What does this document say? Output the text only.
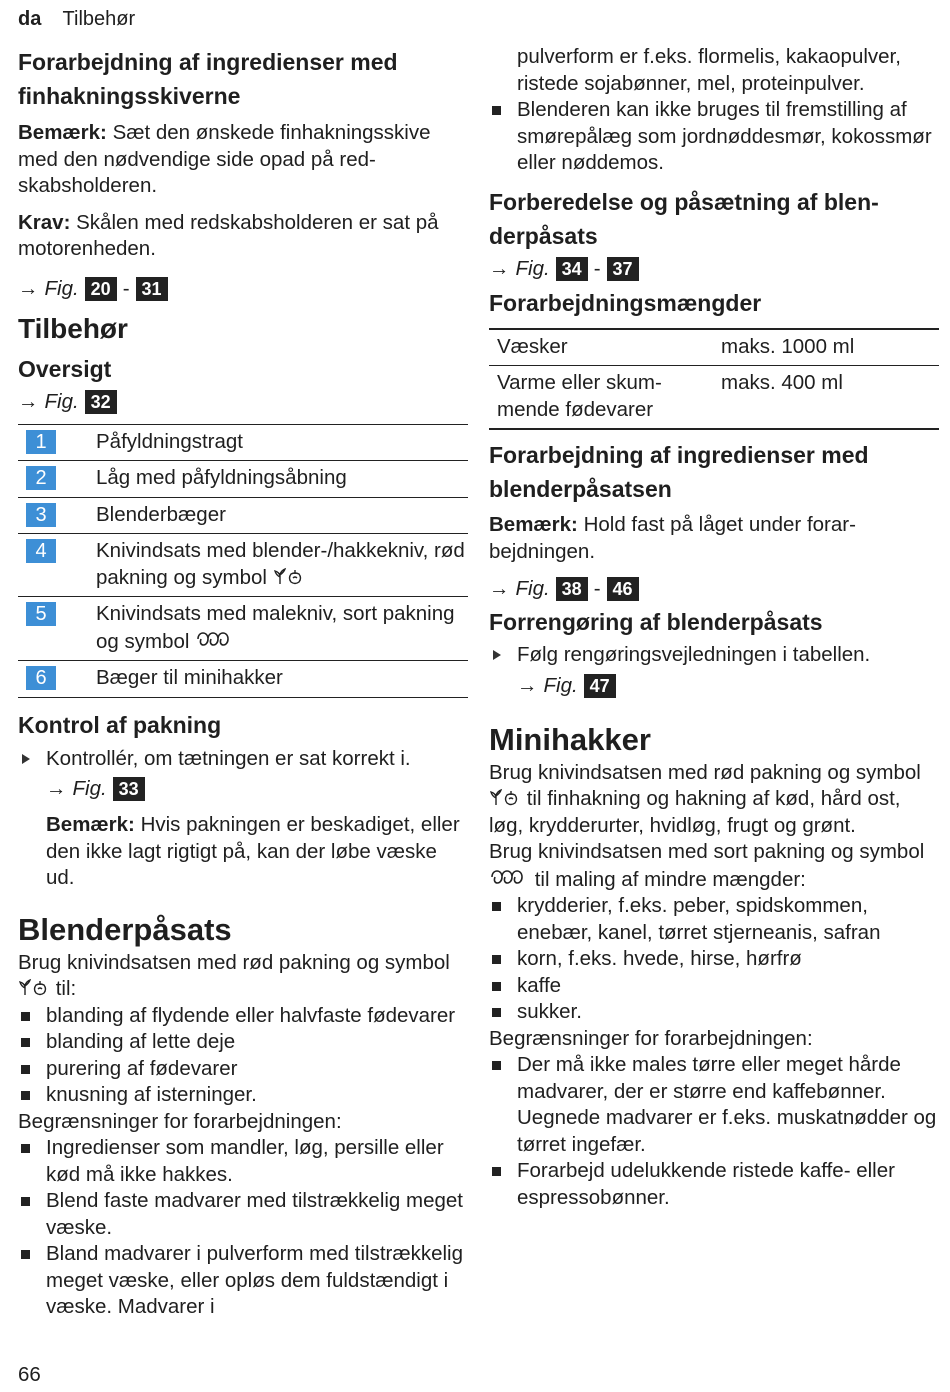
da Tilbehør
Forarbejdning af ingredienser med finhakningsskiverne

Bemærk: Sæt den ønskede finhakningsskive med den nødvendige side opad på redskabsholderen.

Krav: Skålen med redskabsholderen er sat på motorenheden.

→ Fig. 20 - 31
Tilbehør
Oversigt
→ Fig. 32
1	Påfyldningstragt
2	Låg med påfyldningsåbning
3	Blenderbæger
4	Knivindsats med blender-/hakkekniv, rød pakning og symbol
5	Knivindsats med malekniv, sort pakning og symbol
6	Bæger til minihakker
Kontrol af pakning
Kontrollér, om tætningen er sat korrekt i.
→ Fig. 33

Bemærk: Hvis pakningen er beskadiget, eller den ikke lagt rigtigt på, kan der løbe væske ud.

Blenderpåsats

Brug knivindsatsen med rød pakning og symbol  til:

blanding af flydende eller halvfaste fødevarer
blanding af lette deje
purering af fødevarer
knusning af isterninger.

Begrænsninger for forarbejdningen:

Ingredienser som mandler, løg, persille eller kød må ikke hakkes.
Blend faste madvarer med tilstrækkelig meget væske.
Bland madvarer i pulverform med tilstrækkelig meget væske, eller opløs dem fuldstændigt i væske. Madvarer i
pulverform er f.eks. flormelis, kakaopulver, ristede sojabønner, mel, proteinpulver.
Blenderen kan ikke bruges til fremstilling af smørepålæg som jordnøddesmør, kokossmør eller nøddemos.
Forberedelse og påsætning af blenderpåsats
→ Fig. 34 - 37
Forarbejdningsmængder
Væsker	maks. 1000 ml
Varme eller skummende fødevarer	maks. 400 ml
Forarbejdning af ingredienser med blenderpåsatsen

Bemærk: Hold fast på låget under forarbejdningen.

→ Fig. 38 - 46
Forrengøring af blenderpåsats
Følg rengøringsvejledningen i tabellen.
→ Fig. 47
Minihakker

Brug knivindsatsen med rød pakning og symbol  til finhakning og hakning af kød, hård ost, løg, krydderurter, hvidløg, frugt og grønt.

Brug knivindsatsen med sort pakning og symbol  til maling af mindre mængder:

krydderier, f.eks. peber, spidskommen, enebær, kanel, tørret stjerneanis, safran
korn, f.eks. hvede, hirse, hørfrø
kaffe
sukker.

Begrænsninger for forarbejdningen:

Der må ikke males tørre eller meget hårde madvarer, der er større end kaffebønner. Uegnede madvarer er f.eks. muskatnødder og tørret ingefær.
Forarbejd udelukkende ristede kaffe- eller espressobønner.
66
